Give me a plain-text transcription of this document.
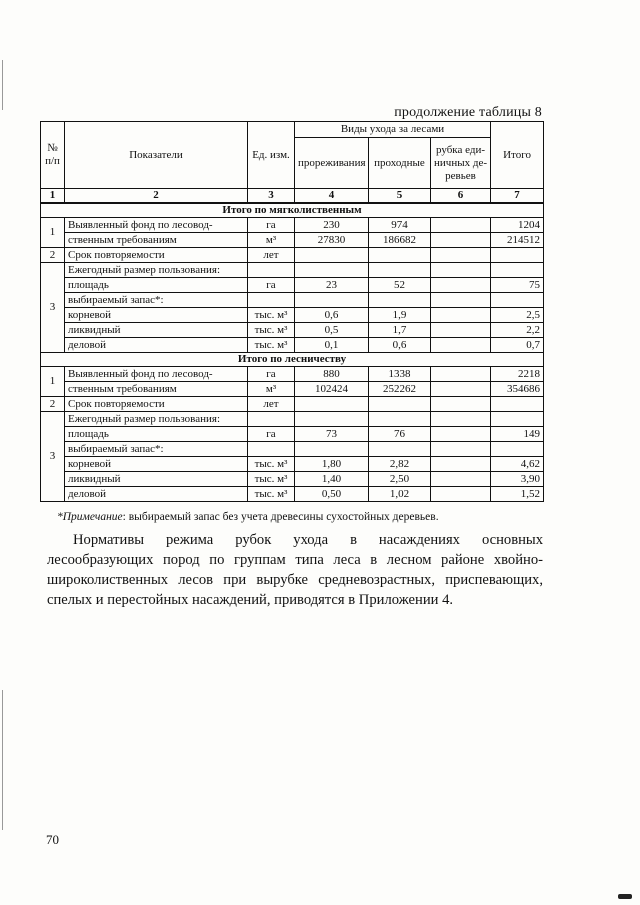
продолжение таблицы 8
№ п/п	Показатели	Ед. изм.	Виды ухода за лесами			Итого
			прореживания	проходные	рубка еди-ничных де-ревьев	
1	2	3	4	5	6	7
Итого по мягколиственным						
1	Выявленный фонд по лесовод-	га	230	974		1204
	ственным требованиям	м³	27830	186682		214512
2	Срок повторяемости	лет				
3	Ежегодный размер пользования:					
	площадь	га	23	52		75
	выбираемый запас*:					
	корневой	тыс. м³	0,6	1,9		2,5
	ликвидный	тыс. м³	0,5	1,7		2,2
	деловой	тыс. м³	0,1	0,6		0,7
Итого по лесничеству						
1	Выявленный фонд по лесовод-	га	880	1338		2218
	ственным требованиям	м³	102424	252262		354686
2	Срок повторяемости	лет				
3	Ежегодный размер пользования:					
	площадь	га	73	76		149
	выбираемый запас*:					
	корневой	тыс. м³	1,80	2,82		4,62
	ликвидный	тыс. м³	1,40	2,50		3,90
	деловой	тыс. м³	0,50	1,02		1,52
*Примечание: выбираемый запас без учета древесины сухостойных деревьев.

Нормативы режима рубок ухода в насаждениях основных лесообразующих пород по группам типа леса в лесном районе хвойно-широколиственных лесов при вырубке средневозрастных, приспевающих, спелых и перестойных насаждений, приводятся в Приложении 4.

70
